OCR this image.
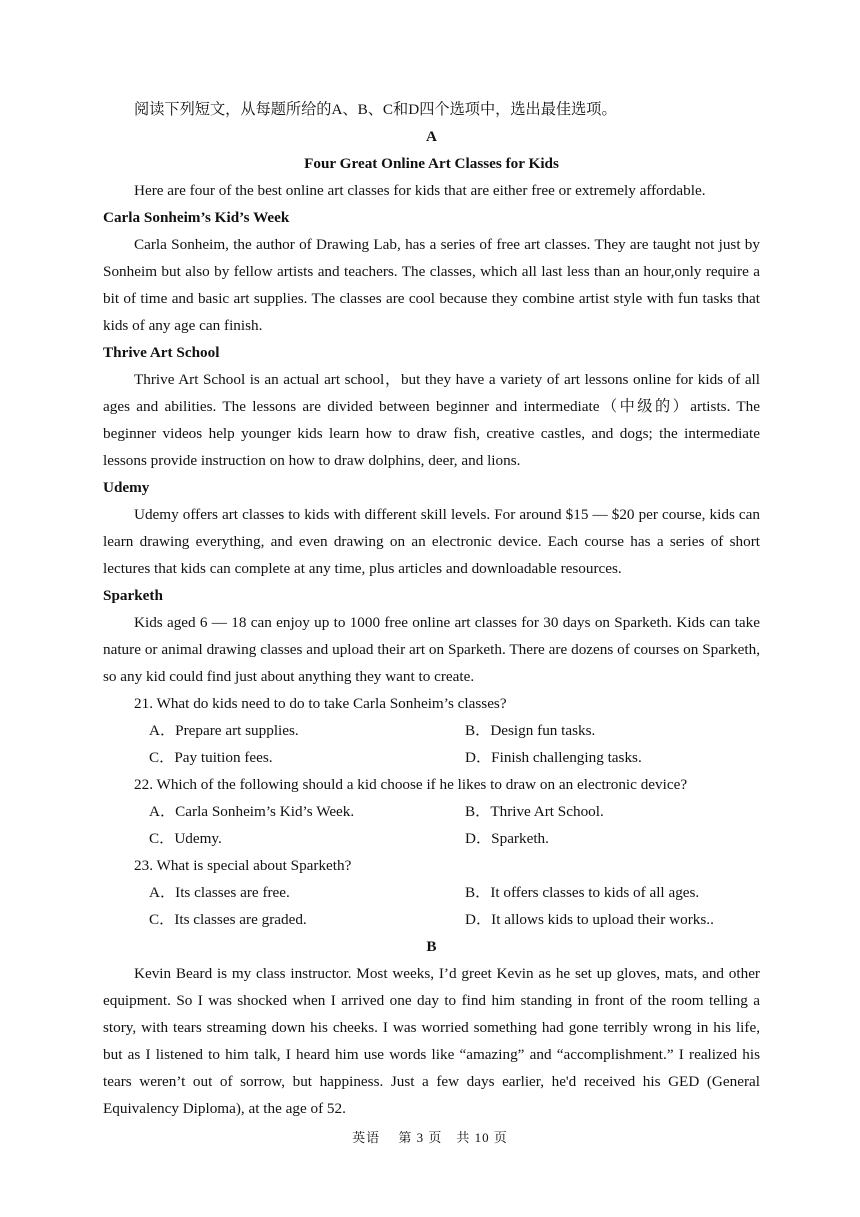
阅读下列短文，从每题所给的A、B、C和D四个选项中，选出最佳选项。

A

Four Great Online Art Classes for Kids

Here are four of the best online art classes for kids that are either free or extremely affordable.

Carla Sonheim’s Kid’s Week

Carla Sonheim, the author of Drawing Lab, has a series of free art classes. They are taught not just by Sonheim but also by fellow artists and teachers. The classes, which all last less than an hour,only require a bit of time and basic art supplies. The classes are cool because they combine artist style with fun tasks that kids of any age can finish.

Thrive Art School

Thrive Art School is an actual art school，but they have a variety of art lessons online for kids of all ages and abilities. The lessons are divided between beginner and intermediate（中级的）artists. The beginner videos help younger kids learn how to draw fish, creative castles, and dogs; the intermediate lessons provide instruction on how to draw dolphins, deer, and lions.

Udemy

Udemy offers art classes to kids with different skill levels. For around $15 — $20 per course, kids can learn drawing everything, and even drawing on an electronic device. Each course has a series of short lectures that kids can complete at any time, plus articles and downloadable resources.

Sparketh

Kids aged 6 — 18 can enjoy up to 1000 free online art classes for 30 days on Sparketh. Kids can take nature or animal drawing classes and upload their art on Sparketh. There are dozens of courses on Sparketh, so any kid could find just about anything they want to create.

21. What do kids need to do to take Carla Sonheim’s classes?

A．Prepare art supplies.	B．Design fun tasks.
C．Pay tuition fees.	D．Finish challenging tasks.

22. Which of the following should a kid choose if he likes to draw on an electronic device?

A．Carla Sonheim’s Kid’s Week.	B．Thrive Art School.
C．Udemy.	D．Sparketh.

23. What is special about Sparketh?

A．Its classes are free.	B．It offers classes to kids of all ages.
C．Its classes are graded.	D．It allows kids to upload their works..

B

Kevin Beard is my class instructor. Most weeks, I’d greet Kevin as he set up gloves, mats, and other equipment. So I was shocked when I arrived one day to find him standing in front of the room telling a story, with tears streaming down his cheeks. I was worried something had gone terribly wrong in his life, but as I listened to him talk, I heard him use words like “amazing” and “accomplishment.” I realized his tears weren’t out of sorrow, but happiness. Just a few days earlier, he'd received his GED (General Equivalency Diploma), at the age of 52.

英语　 第 3 页　共 10 页
